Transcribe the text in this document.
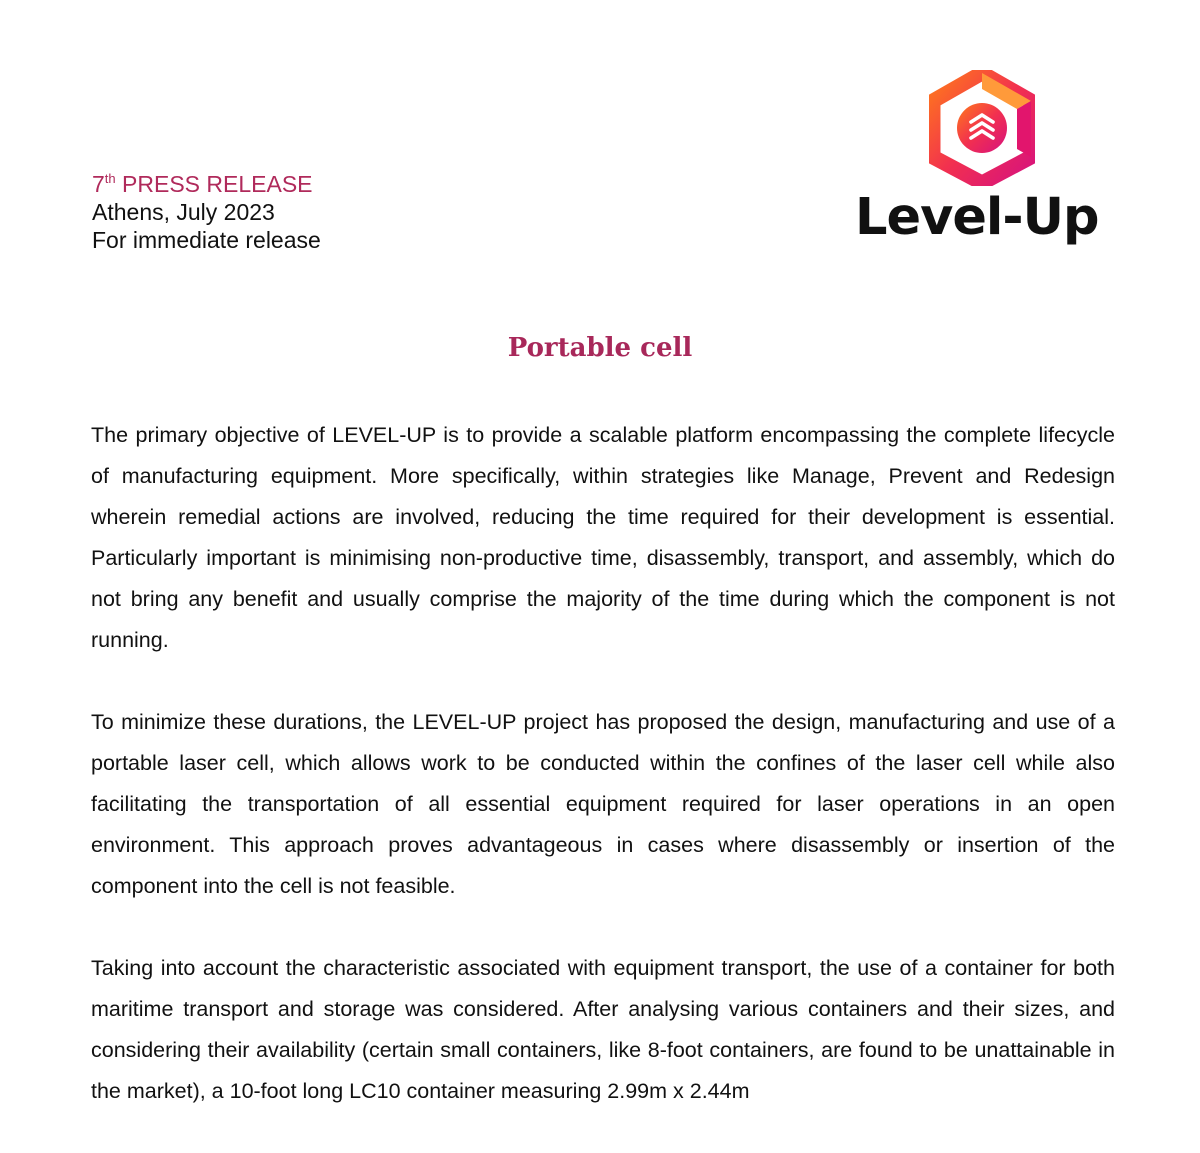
7th PRESS RELEASE
Athens, July 2023
For immediate release	Level-Up
Portable cell

The primary objective of LEVEL-UP is to provide a scalable platform encompassing the complete lifecycle of manufacturing equipment. More specifically, within strategies like Manage, Prevent and Redesign wherein remedial actions are involved, reducing the time required for their development is essential. Particularly important is minimising non-productive time, disassembly, transport, and assembly, which do not bring any benefit and usually comprise the majority of the time during which the component is not running.

To minimize these durations, the LEVEL-UP project has proposed the design, manufacturing and use of a portable laser cell, which allows work to be conducted within the confines of the laser cell while also facilitating the transportation of all essential equipment required for laser operations in an open environment. This approach proves advantageous in cases where disassembly or insertion of the component into the cell is not feasible.

Taking into account the characteristic associated with equipment transport, the use of a container for both maritime transport and storage was considered. After analysing various containers and their sizes, and considering their availability (certain small containers, like 8-foot containers, are found to be unattainable in the market), a 10-foot long LC10 container measuring 2.99m x 2.44m
